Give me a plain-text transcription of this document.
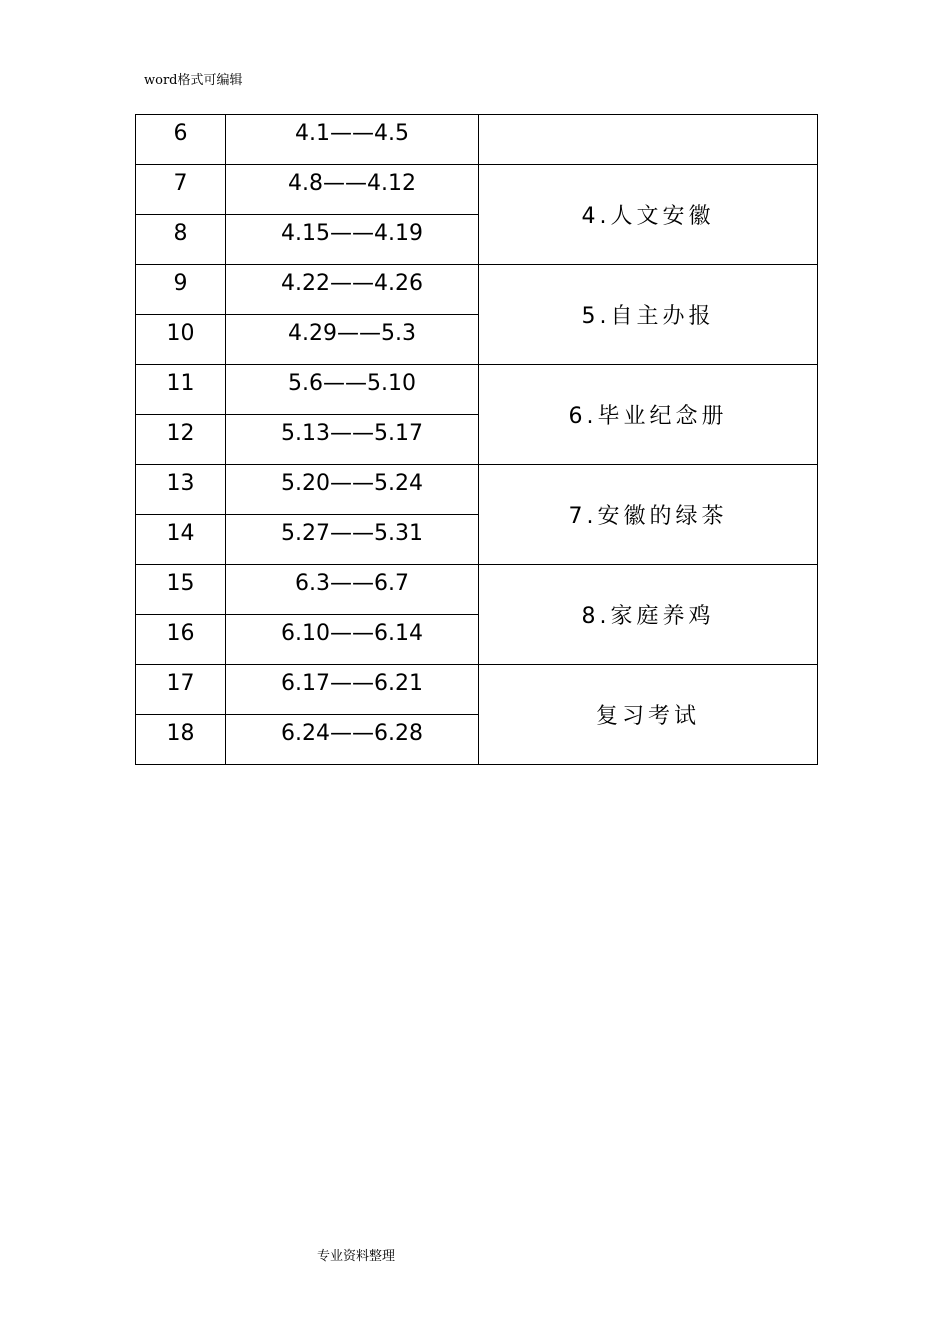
word格式可编辑
6	4.1——4.5	
7	4.8——4.12	4.人文安徽
8	4.15——4.19	
9	4.22——4.26	5.自主办报
10	4.29——5.3	
11	5.6——5.10	6.毕业纪念册
12	5.13——5.17	
13	5.20——5.24	7.安徽的绿茶
14	5.27——5.31	
15	6.3——6.7	8.家庭养鸡
16	6.10——6.14	
17	6.17——6.21	复习考试
18	6.24——6.28	
专业资料整理
